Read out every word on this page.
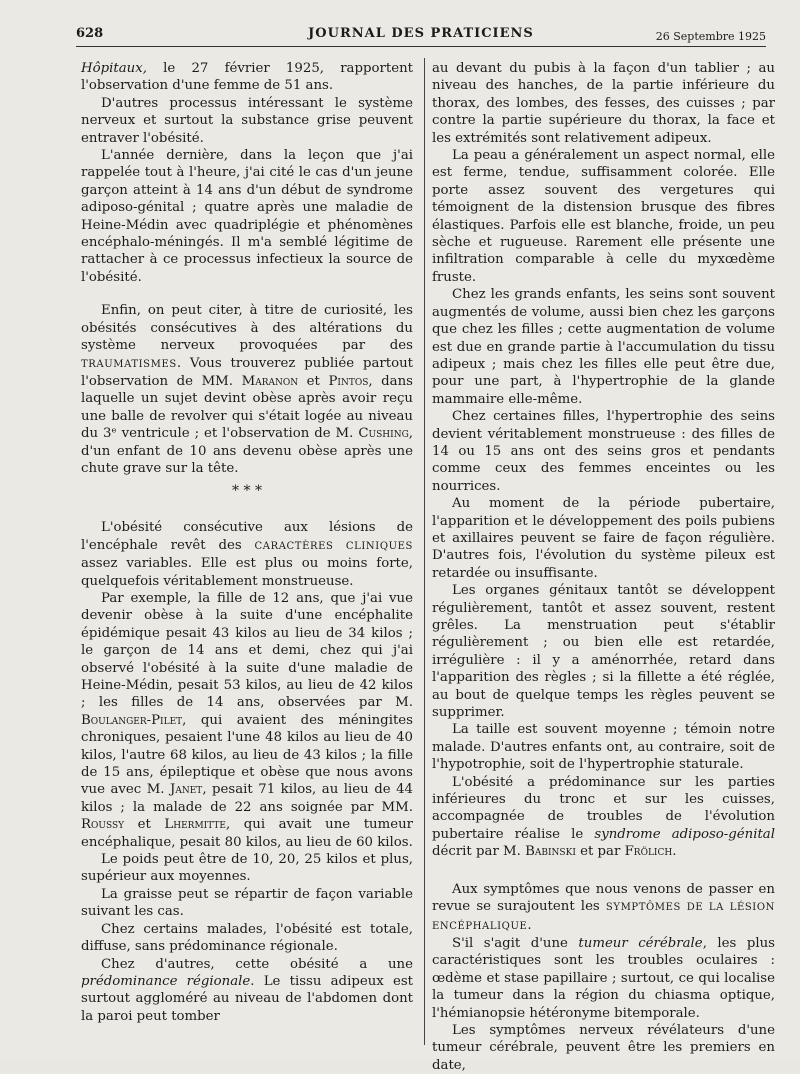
628	JOURNAL DES PRATICIENS	26 Septembre 1925

Hôpitaux, le 27 février 1925, rapportent l'observation d'une femme de 51 ans.

D'autres processus intéressant le système nerveux et surtout la substance grise peuvent entraver l'obésité.

L'année dernière, dans la leçon que j'ai rappelée tout à l'heure, j'ai cité le cas d'un jeune garçon atteint à 14 ans d'un début de syndrome adiposo-génital ; quatre après une maladie de Heine-Médin avec quadriplégie et phénomènes encéphalo-méningés. Il m'a semblé légitime de rattacher à ce processus infectieux la source de l'obésité.

Enfin, on peut citer, à titre de curiosité, les obésités consécutives à des altérations du système nerveux provoquées par des TRAUMATISMES. Vous trouverez publiée partout l'observation de MM. Maranon et Pintos, dans laquelle un sujet devint obèse après avoir reçu une balle de revolver qui s'était logée au niveau du 3ᵉ ventricule ; et l'observation de M. Cushing, d'un enfant de 10 ans devenu obèse après une chute grave sur la tête.

* * *

L'obésité consécutive aux lésions de l'encéphale revêt des CARACTÈRES CLINIQUES assez variables. Elle est plus ou moins forte, quelquefois véritablement monstrueuse.

Par exemple, la fille de 12 ans, que j'ai vue devenir obèse à la suite d'une encéphalite épidémique pesait 43 kilos au lieu de 34 kilos ; le garçon de 14 ans et demi, chez qui j'ai observé l'obésité à la suite d'une maladie de Heine-Médin, pesait 53 kilos, au lieu de 42 kilos ; les filles de 14 ans, observées par M. Boulanger-Pilet, qui avaient des méningites chroniques, pesaient l'une 48 kilos au lieu de 40 kilos, l'autre 68 kilos, au lieu de 43 kilos ; la fille de 15 ans, épileptique et obèse que nous avons vue avec M. Janet, pesait 71 kilos, au lieu de 44 kilos ; la malade de 22 ans soignée par MM. Roussy et Lhermitte, qui avait une tumeur encéphalique, pesait 80 kilos, au lieu de 60 kilos.

Le poids peut être de 10, 20, 25 kilos et plus, supérieur aux moyennes.

La graisse peut se répartir de façon variable suivant les cas.

Chez certains malades, l'obésité est totale, diffuse, sans prédominance régionale.

Chez d'autres, cette obésité a une prédominance régionale. Le tissu adipeux est surtout aggloméré au niveau de l'abdomen dont la paroi peut tomber

au devant du pubis à la façon d'un tablier ; au niveau des hanches, de la partie inférieure du thorax, des lombes, des fesses, des cuisses ; par contre la partie supérieure du thorax, la face et les extrémités sont relativement adipeux.

La peau a généralement un aspect normal, elle est ferme, tendue, suffisamment colorée. Elle porte assez souvent des vergetures qui témoignent de la distension brusque des fibres élastiques. Parfois elle est blanche, froide, un peu sèche et rugueuse. Rarement elle présente une infiltration comparable à celle du myxœdème fruste.

Chez les grands enfants, les seins sont souvent augmentés de volume, aussi bien chez les garçons que chez les filles ; cette augmentation de volume est due en grande partie à l'accumulation du tissu adipeux ; mais chez les filles elle peut être due, pour une part, à l'hypertrophie de la glande mammaire elle-même.

Chez certaines filles, l'hypertrophie des seins devient véritablement monstrueuse : des filles de 14 ou 15 ans ont des seins gros et pendants comme ceux des femmes enceintes ou les nourrices.

Au moment de la période pubertaire, l'apparition et le développement des poils pubiens et axillaires peuvent se faire de façon régulière. D'autres fois, l'évolution du système pileux est retardée ou insuffisante.

Les organes génitaux tantôt se développent régulièrement, tantôt et assez souvent, restent grêles. La menstruation peut s'établir régulièrement ; ou bien elle est retardée, irrégulière : il y a aménorrhée, retard dans l'apparition des règles ; si la fillette a été réglée, au bout de quelque temps les règles peuvent se supprimer.

La taille est souvent moyenne ; témoin notre malade. D'autres enfants ont, au contraire, soit de l'hypotrophie, soit de l'hypertrophie staturale.

L'obésité a prédominance sur les parties inférieures du tronc et sur les cuisses, accompagnée de troubles de l'évolution pubertaire réalise le syndrome adiposo-génital décrit par M. Babinski et par Frölich.

Aux symptômes que nous venons de passer en revue se surajoutent les SYMPTÔMES DE LA LÉSION ENCÉPHALIQUE.

S'il s'agit d'une tumeur cérébrale, les plus caractéristiques sont les troubles oculaires : œdème et stase papillaire ; surtout, ce qui localise la tumeur dans la région du chiasma optique, l'hémianopsie hétéronyme bitemporale.

Les symptômes nerveux révélateurs d'une tumeur cérébrale, peuvent être les premiers en date,
